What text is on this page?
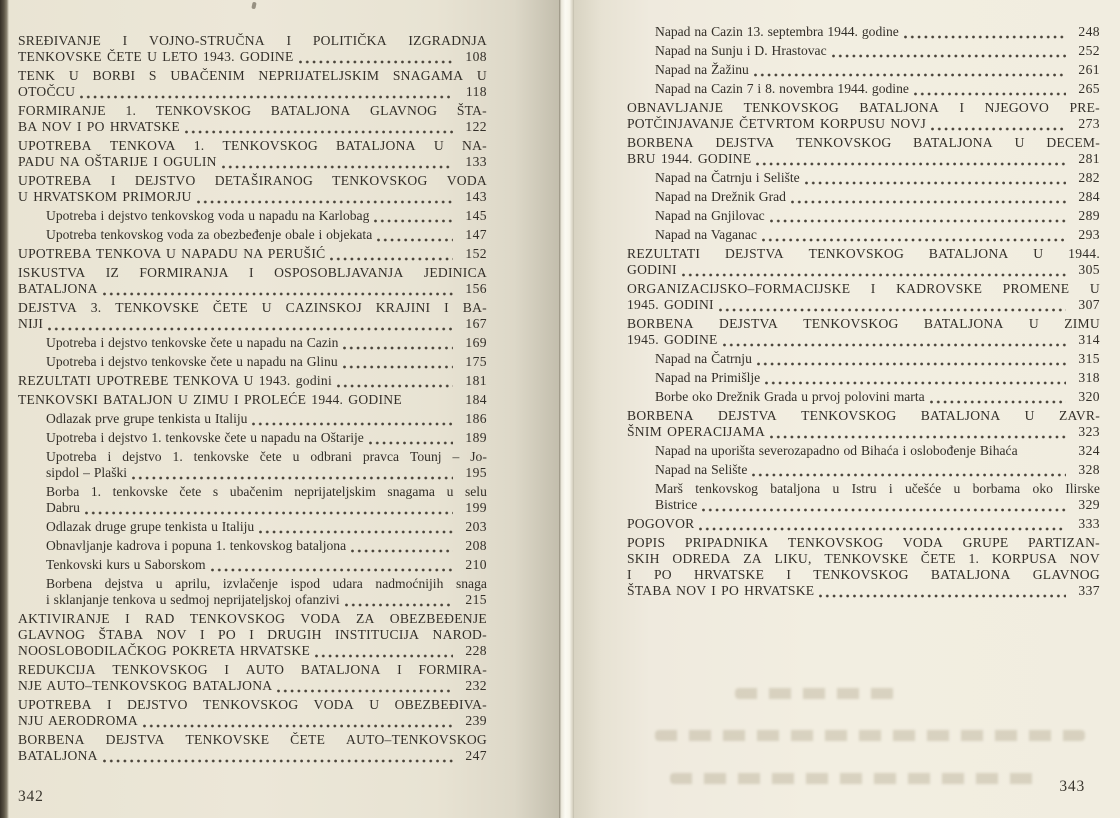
SREĐIVANJE I VOJNO-STRUČNA I POLITIČKA IZGRADNJA
TENKOVSKE ČETE U LETO 1943. GODINE	108
TENK U BORBI S UBAČENIM NEPRIJATELJSKIM SNAGAMA U
OTOČCU	118
FORMIRANJE 1. TENKOVSKOG BATALJONA GLAVNOG ŠTA-
BA NOV I PO HRVATSKE	122
UPOTREBA TENKOVA 1. TENKOVSKOG BATALJONA U NA-
PADU NA OŠTARIJE I OGULIN	133
UPOTREBA I DEJSTVO DETAŠIRANOG TENKOVSKOG VODA
U HRVATSKOM PRIMORJU	143
Upotreba i dejstvo tenkovskog voda u napadu na Karlobag	145
Upotreba tenkovskog voda za obezbeđenje obale i objekata	147
UPOTREBA TENKOVA U NAPADU NA PERUŠIĆ	152
ISKUSTVA IZ FORMIRANJA I OSPOSOBLJAVANJA JEDINICA
BATALJONA	156
DEJSTVA 3. TENKOVSKE ČETE U CAZINSKOJ KRAJINI I BA-
NIJI	167
Upotreba i dejstvo tenkovske čete u napadu na Cazin	169
Upotreba i dejstvo tenkovske čete u napadu na Glinu	175
REZULTATI UPOTREBE TENKOVA U 1943. godini	181
TENKOVSKI BATALJON U ZIMU I PROLEĆE 1944. GODINE	184
Odlazak prve grupe tenkista u Italiju	186
Upotreba i dejstvo 1. tenkovske čete u napadu na Oštarije	189
Upotreba i dejstvo 1. tenkovske čete u odbrani pravca Tounj – Jo-
sipdol – Plaški	195
Borba 1. tenkovske čete s ubačenim neprijateljskim snagama u selu
Dabru	199
Odlazak druge grupe tenkista u Italiju	203
Obnavljanje kadrova i popuna 1. tenkovskog bataljona	208
Tenkovski kurs u Saborskom	210
Borbena dejstva u aprilu, izvlačenje ispod udara nadmoćnijih snaga
i sklanjanje tenkova u sedmoj neprijateljskoj ofanzivi	215
AKTIVIRANJE I RAD TENKOVSKOG VODA ZA OBEZBEĐENJE
GLAVNOG ŠTABA NOV I PO I DRUGIH INSTITUCIJA NAROD-
NOOSLOBODILAČKOG POKRETA HRVATSKE	228
REDUKCIJA TENKOVSKOG I AUTO BATALJONA I FORMIRA-
NJE AUTO–TENKOVSKOG BATALJONA	232
UPOTREBA I DEJSTVO TENKOVSKOG VODA U OBEZBEĐIVA-
NJU AERODROMA	239
BORBENA DEJSTVA TENKOVSKE ČETE AUTO–TENKOVSKOG
BATALJONA	247
342
Napad na Cazin 13. septembra 1944. godine	248
Napad na Sunju i D. Hrastovac	252
Napad na Žažinu	261
Napad na Cazin 7 i 8. novembra 1944. godine	265
OBNAVLJANJE TENKOVSKOG BATALJONA I NJEGOVO PRE-
POTČINJAVANJE ČETVRTOM KORPUSU NOVJ	273
BORBENA DEJSTVA TENKOVSKOG BATALJONA U DECEM-
BRU 1944. GODINE	281
Napad na Čatrnju i Selište	282
Napad na Drežnik Grad	284
Napad na Gnjilovac	289
Napad na Vaganac	293
REZULTATI DEJSTVA TENKOVSKOG BATALJONA U 1944.
GODINI	305
ORGANIZACIJSKO–FORMACIJSKE I KADROVSKE PROMENE U
1945. GODINI	307
BORBENA DEJSTVA TENKOVSKOG BATALJONA U ZIMU
1945. GODINE	314
Napad na Čatrnju	315
Napad na Primišlje	318
Borbe oko Drežnik Grada u prvoj polovini marta	320
BORBENA DEJSTVA TENKOVSKOG BATALJONA U ZAVR-
ŠNIM OPERACIJAMA	323
Napad na uporišta severozapadno od Bihaća i oslobođenje Bihaća	324
Napad na Selište	328
Marš tenkovskog bataljona u Istru i učešće u borbama oko Ilirske
Bistrice	329
POGOVOR	333
POPIS PRIPADNIKA TENKOVSKOG VODA GRUPE PARTIZAN-
SKIH ODREDA ZA LIKU, TENKOVSKE ČETE 1. KORPUSA NOV
I PO HRVATSKE I TENKOVSKOG BATALJONA GLAVNOG
ŠTABA NOV I PO HRVATSKE	337
343
